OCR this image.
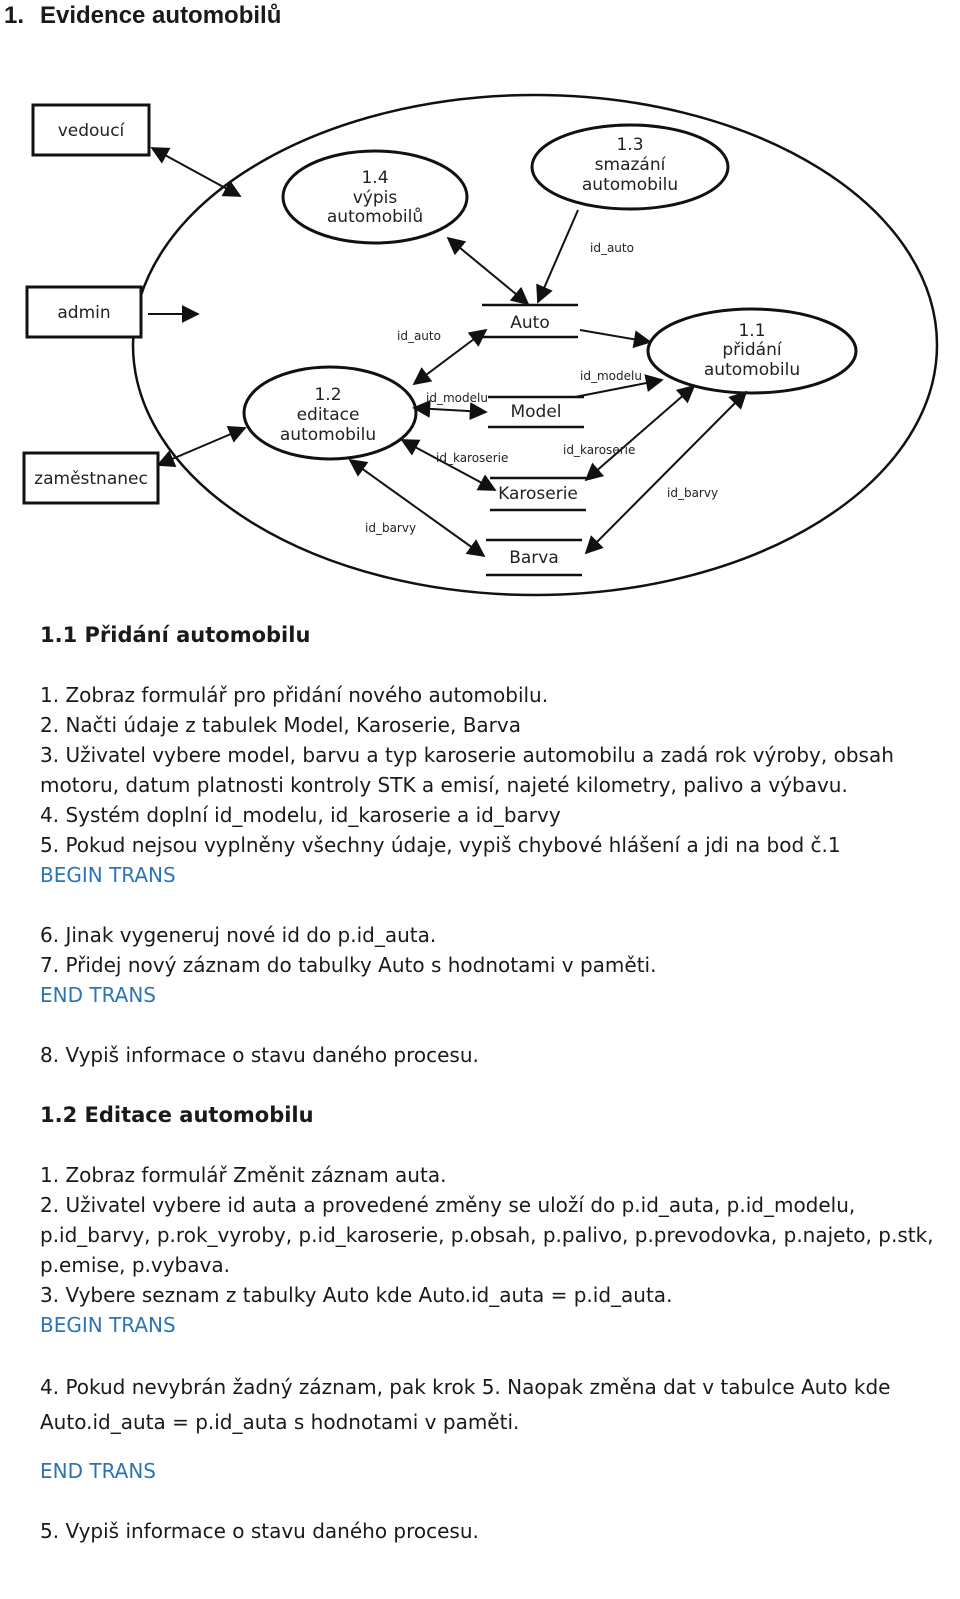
1. Evidence automobilů
vedoucí
admin
zaměstnanec
1.4
výpis
automobilů
1.3
smazání
automobilu
1.1
přidání
automobilu
1.2
editace
automobilu
Auto
Model
Karoserie
Barva
id_auto
id_auto
id_modelu
id_modelu
id_karoserie
id_karoserie
id_barvy
id_barvy
1.1 Přidání automobilu

1. Zobraz formulář pro přidání nového automobilu.

2. Načti údaje z tabulek Model, Karoserie, Barva

3. Uživatel vybere model, barvu a typ karoserie automobilu a zadá rok výroby, obsah motoru, datum platnosti kontroly STK a emisí, najeté kilometry, palivo a výbavu.

4. Systém doplní id_modelu, id_karoserie a id_barvy

5. Pokud nejsou vyplněny všechny údaje, vypiš chybové hlášení a jdi na bod č.1

BEGIN TRANS

6. Jinak vygeneruj nové id do p.id_auta.

7. Přidej nový záznam do tabulky Auto s hodnotami v paměti.

END TRANS

8. Vypiš informace o stavu daného procesu.

1.2 Editace automobilu

1. Zobraz formulář Změnit záznam auta.

2. Uživatel vybere id auta a provedené změny se uloží do p.id_auta, p.id_modelu, p.id_barvy, p.rok_vyroby, p.id_karoserie, p.obsah, p.palivo, p.prevodovka, p.najeto, p.stk, p.emise, p.vybava.

3. Vybere seznam z tabulky Auto kde Auto.id_auta = p.id_auta.

BEGIN TRANS

4. Pokud nevybrán žadný záznam, pak krok 5. Naopak změna dat v tabulce Auto kde Auto.id_auta = p.id_auta s hodnotami v paměti.

END TRANS

5. Vypiš informace o stavu daného procesu.
